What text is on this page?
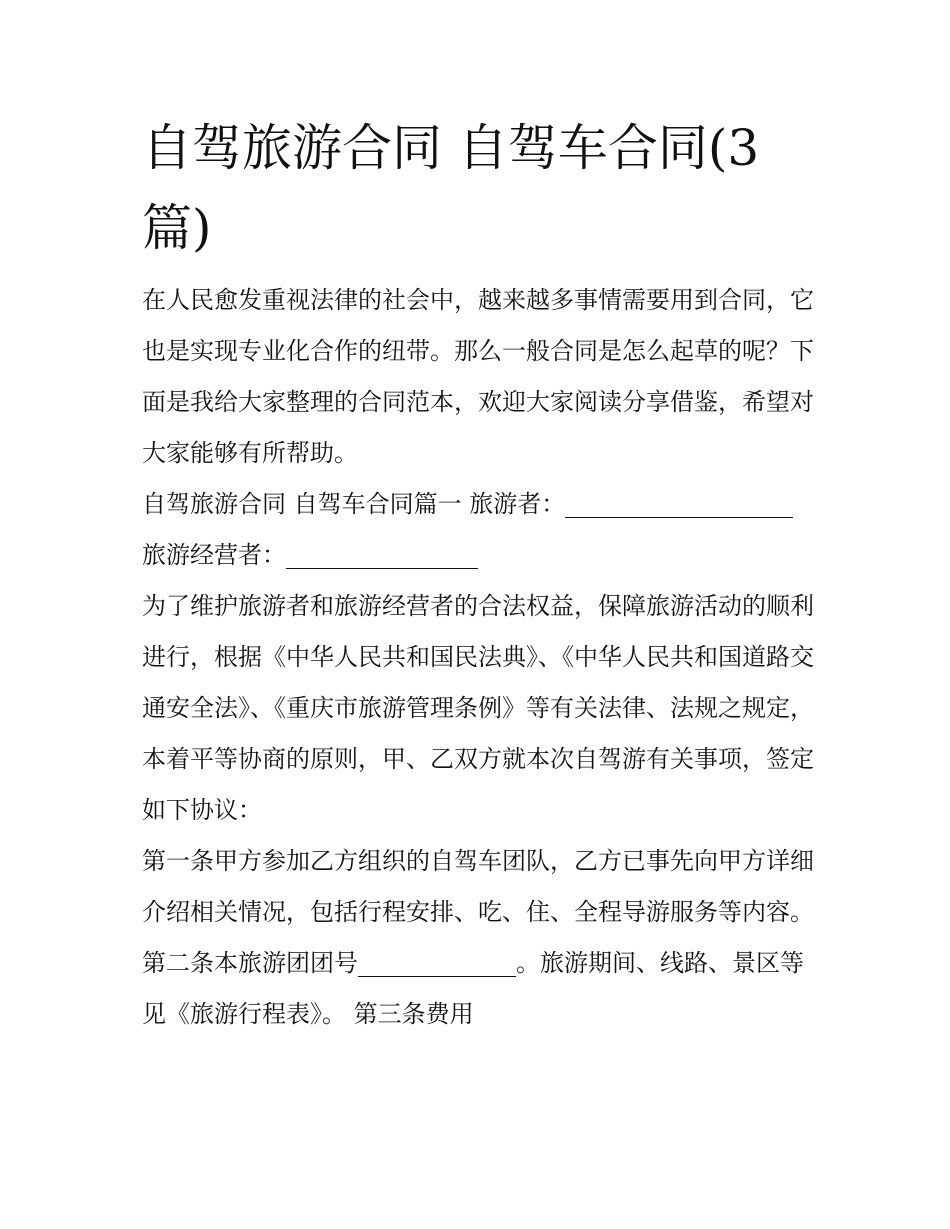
自驾旅游合同 自驾车合同(3篇)

在人民愈发重视法律的社会中，越来越多事情需要用到合同，它也是实现专业化合作的纽带。那么一般合同是怎么起草的呢？下面是我给大家整理的合同范本，欢迎大家阅读分享借鉴，希望对大家能够有所帮助。

自驾旅游合同 自驾车合同篇一 旅游者：

旅游经营者：

为了维护旅游者和旅游经营者的合法权益，保障旅游活动的顺利进行，根据《中华人民共和国民法典》、《中华人民共和国道路交通安全法》、《重庆市旅游管理条例》等有关法律、法规之规定，本着平等协商的原则，甲、乙双方就本次自驾游有关事项，签定如下协议：

第一条甲方参加乙方组织的自驾车团队，乙方已事先向甲方详细介绍相关情况，包括行程安排、吃、住、全程导游服务等内容。

第二条本旅游团团号	。旅游期间、线路、景区等见《旅游行程表》。 第三条费用
